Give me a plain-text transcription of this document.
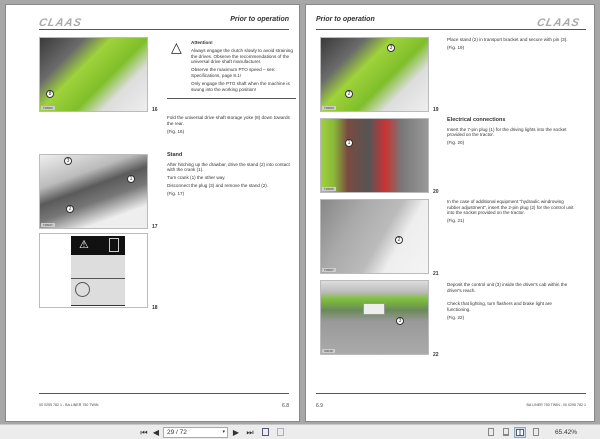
CLAAS	Prior to operation
8
TW002	16
3
1
2
TW027	17
⚠
18
△ Attention!

Always engage the clutch slowly to avoid straining the drives. Observe the recommendations of the universal drive shaft manufacturer.

Observe the maximum PTO speed – see: Specifications, page 8.1!

Only engage the PTO shaft when the machine is swung into the working position!

Fold the universal drive shaft storage yoke (8) down towards the rear.

(Fig. 16)

Stand

After hitching up the drawbar, drive the stand (2) into contact with the crank (1).

Turn crank (1) the other way.

Disconnect the plug (3) and remove the stand (2).

(Fig. 17)

00 0295 782 1 - BA LINER 750 TWIN	6.8
Prior to operation	CLAAS
3
2
TW003	19
1
TW005	20
2
TW007
21
3
S0018
22

Place stand (2) in transport bracket and secure with pin (3).

(Fig. 19)

Electrical connections

Insert the 7-pin plug (1) for the driving lights into the socket provided on the tractor.

(Fig. 20)

In the case of additional equipment "hydraulic windrowing rubber adjustment", insert the 2-pin plug (2) for the control unit into the socket provided on the tractor.

(Fig. 21)

Deposit the control unit (3) inside the driver's cab within the driver's reach.

Check that lighting, turn flashers and brake light are functioning.

(Fig. 22)

6.9	BA LINER 750 TWIN - 00 0295 782 1
⏮ ◀	29 / 72	▾ ▶ ⏭	65.42%
